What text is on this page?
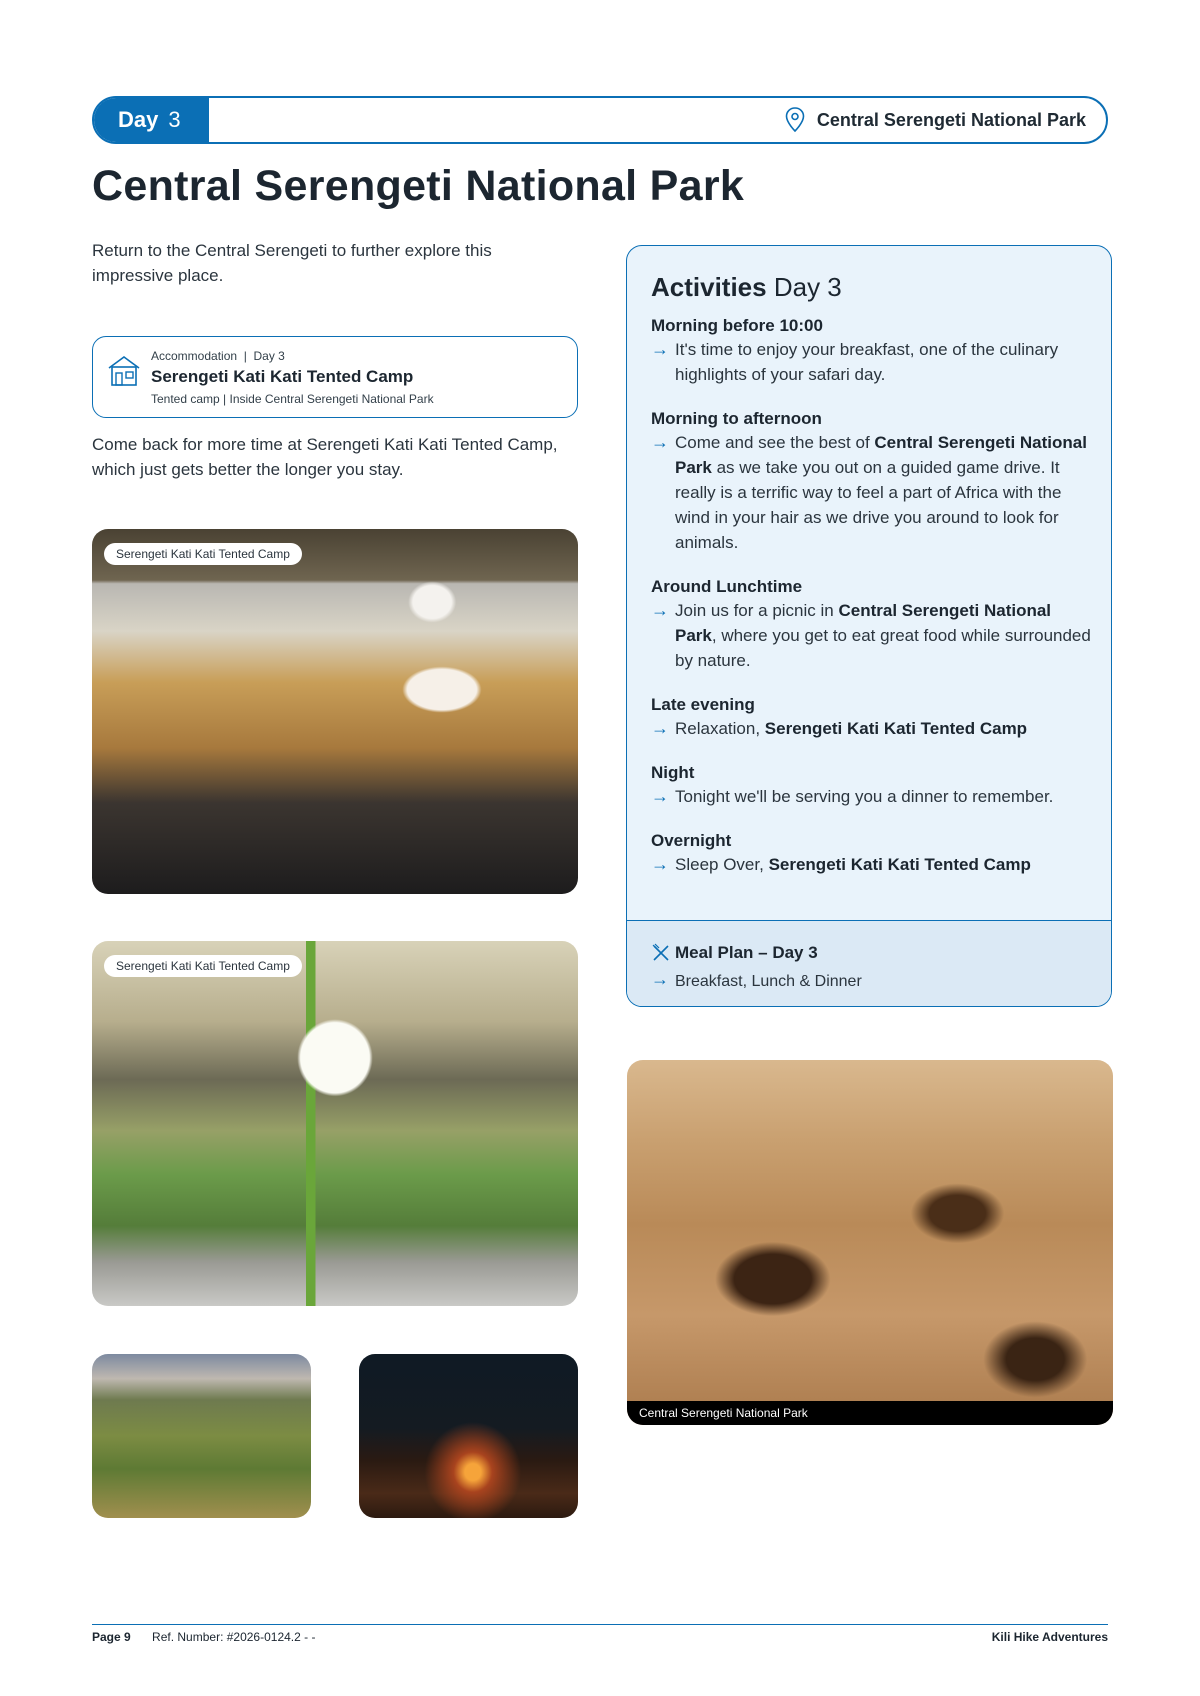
Day 3	Central Serengeti National Park
Central Serengeti National Park
Return to the Central Serengeti to further explore this impressive place.
Accommodation  |  Day 3
Serengeti Kati Kati Tented Camp
Tented camp | Inside Central Serengeti National Park
Come back for more time at Serengeti Kati Kati Tented Camp, which just gets better the longer you stay.
Serengeti Kati Kati Tented Camp
Serengeti Kati Kati Tented Camp
Central Serengeti National Park
Activities Day 3
Morning before 10:00
→ It's time to enjoy your breakfast, one of the culinary highlights of your safari day.
Morning to afternoon
→ Come and see the best of Central Serengeti National Park as we take you out on a guided game drive. It really is a terrific way to feel a part of Africa with the wind in your hair as we drive you around to look for animals.
Around Lunchtime
→ Join us for a picnic in Central Serengeti National Park, where you get to eat great food while surrounded by nature.
Late evening
→ Relaxation, Serengeti Kati Kati Tented Camp
Night
→ Tonight we'll be serving you a dinner to remember.
Overnight
→ Sleep Over, Serengeti Kati Kati Tented Camp
Meal Plan – Day 3
→ Breakfast, Lunch & Dinner
Page 9 Ref. Number: #2026-0124.2 - -	Kili Hike Adventures
